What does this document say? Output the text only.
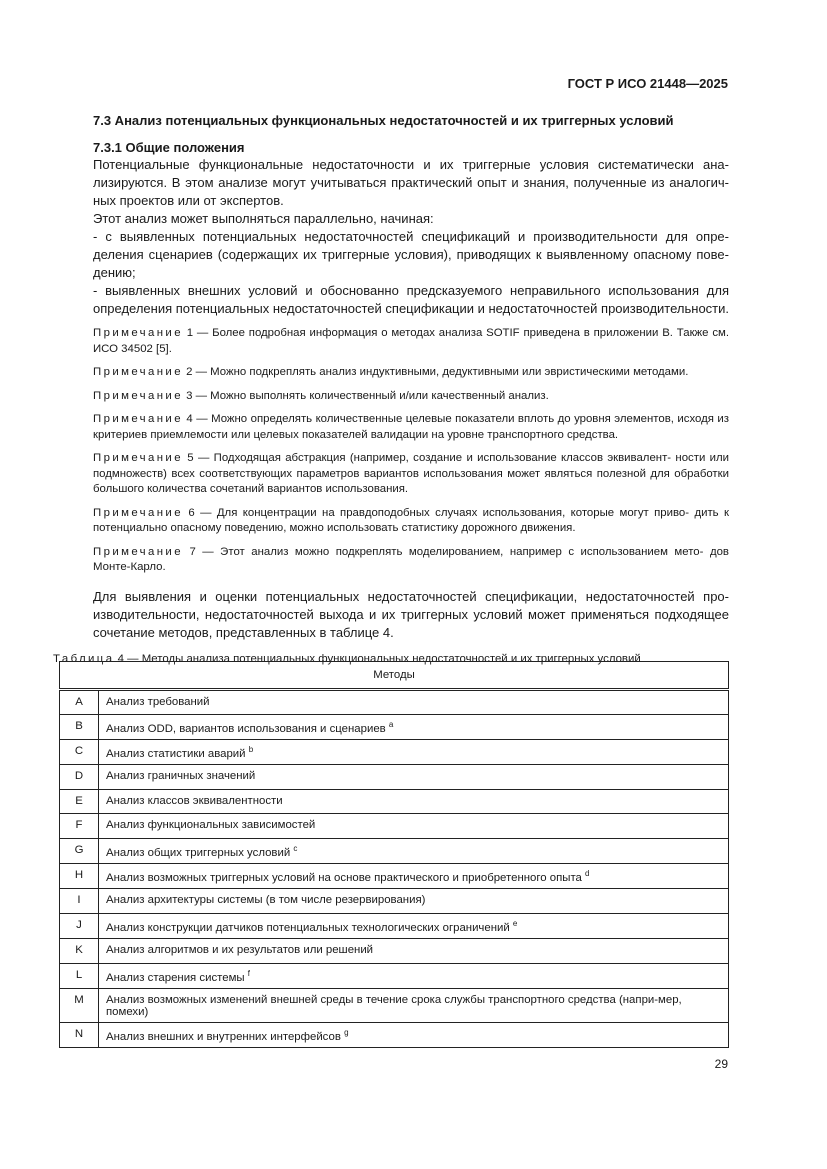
ГОСТ Р ИСО 21448—2025
7.3 Анализ потенциальных функциональных недостаточностей и их триггерных условий
7.3.1 Общие положения
Потенциальные функциональные недостаточности и их триггерные условия систематически ана-
лизируются. В этом анализе могут учитываться практический опыт и знания, полученные из аналогич-
ных проектов или от экспертов.
Этот анализ может выполняться параллельно, начиная:
- с выявленных потенциальных недостаточностей спецификаций и производительности для опре-
деления сценариев (содержащих их триггерные условия), приводящих к выявленному опасному пове-
дению;
- выявленных внешних условий и обоснованно предсказуемого неправильного использования для
определения потенциальных недостаточностей спецификации и недостаточностей производительности.
Примечание 1 — Более подробная информация о методах анализа SOTIF приведена в приложении В. Также см. ИСО 34502 [5].
Примечание 2 — Можно подкреплять анализ индуктивными, дедуктивными или эвристическими методами.
Примечание 3 — Можно выполнять количественный и/или качественный анализ.
Примечание 4 — Можно определять количественные целевые показатели вплоть до уровня элементов, исходя из критериев приемлемости или целевых показателей валидации на уровне транспортного средства.
Примечание 5 — Подходящая абстракция (например, создание и использование классов эквивалент- ности или подмножеств) всех соответствующих параметров вариантов использования может являться полезной для обработки большого количества сочетаний вариантов использования.
Примечание 6 — Для концентрации на правдоподобных случаях использования, которые могут приво- дить к потенциально опасному поведению, можно использовать статистику дорожного движения.
Примечание 7 — Этот анализ можно подкреплять моделированием, например с использованием мето- дов Монте-Карло.
Для выявления и оценки потенциальных недостаточностей спецификации, недостаточностей про-
изводительности, недостаточностей выхода и их триггерных условий может применяться подходящее
сочетание методов, представленных в таблице 4.
Таблица 4 — Методы анализа потенциальных функциональных недостаточностей и их триггерных условий
Методы	
A	Анализ требований
B	Анализ ODD, вариантов использования и сценариев $^a$
C	Анализ статистики аварий $^b$
D	Анализ граничных значений
E	Анализ классов эквивалентности
F	Анализ функциональных зависимостей
G	Анализ общих триггерных условий $^c$
H	Анализ возможных триггерных условий на основе практического и приобретенного опыта $^d$
I	Анализ архитектуры системы (в том числе резервирования)
J	Анализ конструкции датчиков потенциальных технологических ограничений $^e$
K	Анализ алгоритмов и их результатов или решений
L	Анализ старения системы $^f$
M	Анализ возможных изменений внешней среды в течение срока службы транспортного средства (напри-мер, помехи)
N	Анализ внешних и внутренних интерфейсов $^g$
29
